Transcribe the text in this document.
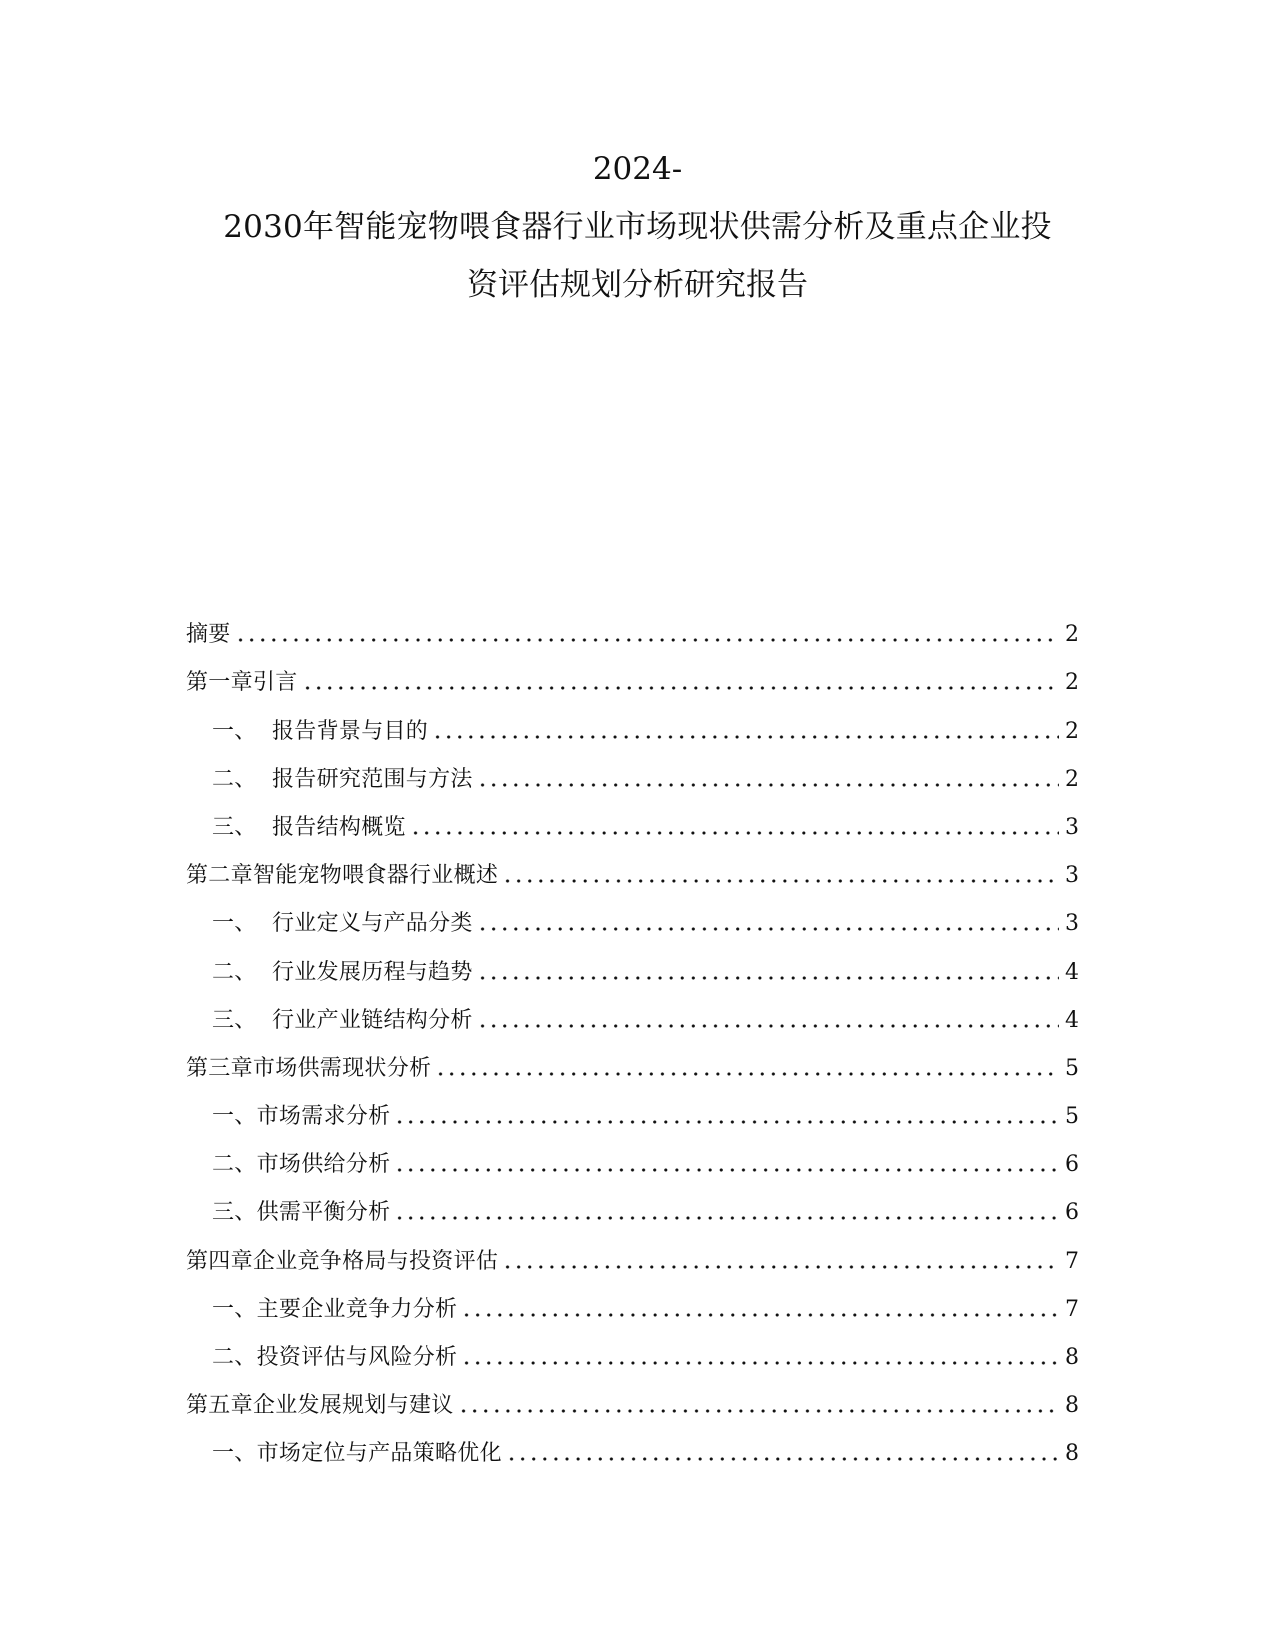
2024-
2030年智能宠物喂食器行业市场现状供需分析及重点企业投
资评估规划分析研究报告
摘要	2
第一章引言	2
一、报告背景与目的	2
二、报告研究范围与方法	2
三、报告结构概览	3
第二章智能宠物喂食器行业概述	3
一、行业定义与产品分类	3
二、行业发展历程与趋势	4
三、行业产业链结构分析	4
第三章市场供需现状分析	5
一、市场需求分析	5
二、市场供给分析	6
三、供需平衡分析	6
第四章企业竞争格局与投资评估	7
一、主要企业竞争力分析	7
二、投资评估与风险分析	8
第五章企业发展规划与建议	8
一、市场定位与产品策略优化	8
